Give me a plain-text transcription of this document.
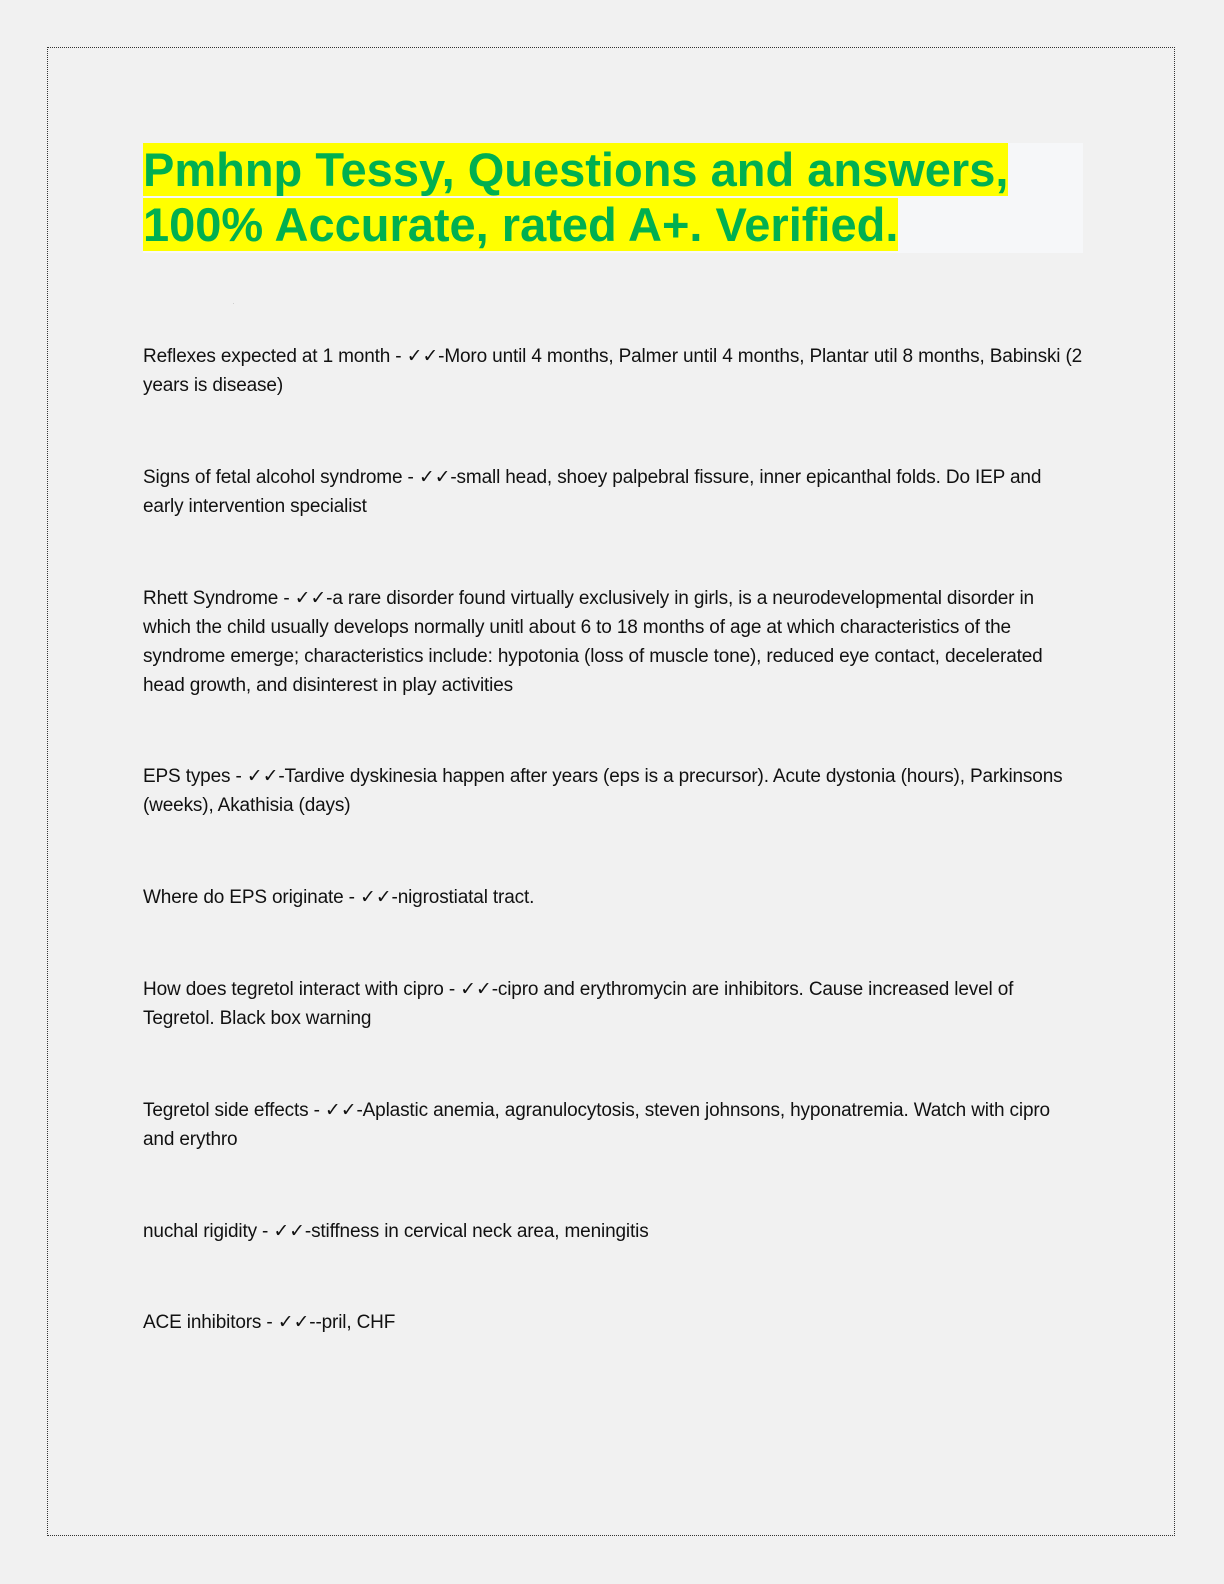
Pmhnp Tessy, Questions and answers,
100% Accurate, rated A+. Verified.

Reflexes expected at 1 month - ✓✓-Moro until 4 months, Palmer until 4 months, Plantar util 8 months, Babinski (2 years is disease)

Signs of fetal alcohol syndrome - ✓✓-small head, shoey palpebral fissure, inner epicanthal folds. Do IEP and early intervention specialist

Rhett Syndrome - ✓✓-a rare disorder found virtually exclusively in girls, is a neurodevelopmental disorder in which the child usually develops normally unitl about 6 to 18 months of age at which characteristics of the syndrome emerge; characteristics include: hypotonia (loss of muscle tone), reduced eye contact, decelerated head growth, and disinterest in play activities

EPS types - ✓✓-Tardive dyskinesia happen after years (eps is a precursor). Acute dystonia (hours), Parkinsons (weeks), Akathisia (days)

Where do EPS originate - ✓✓-nigrostiatal tract.

How does tegretol interact with cipro - ✓✓-cipro and erythromycin are inhibitors. Cause increased level of Tegretol. Black box warning

Tegretol side effects - ✓✓-Aplastic anemia, agranulocytosis, steven johnsons, hyponatremia. Watch with cipro and erythro

nuchal rigidity - ✓✓-stiffness in cervical neck area, meningitis

ACE inhibitors - ✓✓--pril, CHF
